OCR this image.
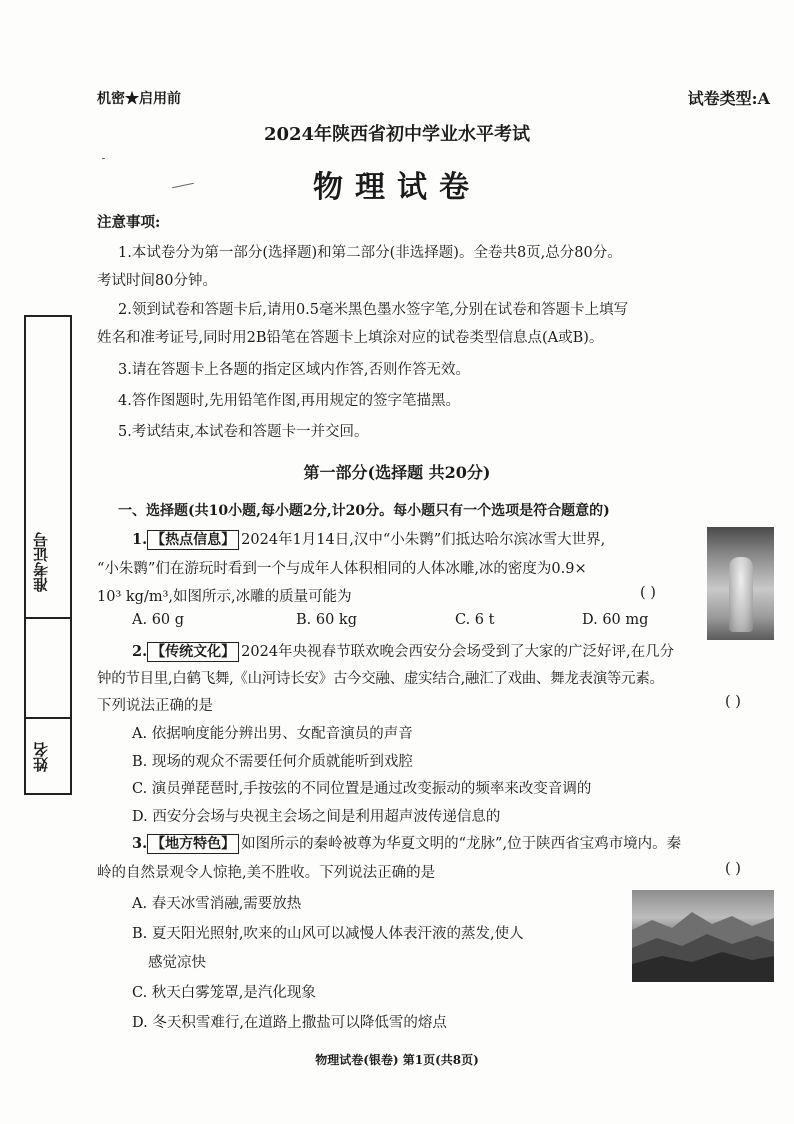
机密★启用前	试卷类型:A
2024年陕西省初中学业水平考试
物理试卷
注意事项:
1.本试卷分为第一部分(选择题)和第二部分(非选择题)。全卷共8页,总分80分。
考试时间80分钟。
2.领到试卷和答题卡后,请用0.5毫米黑色墨水签字笔,分别在试卷和答题卡上填写
姓名和准考证号,同时用2B铅笔在答题卡上填涂对应的试卷类型信息点(A或B)。
3.请在答题卡上各题的指定区域内作答,否则作答无效。
4.答作图题时,先用铅笔作图,再用规定的签字笔描黑。
5.考试结束,本试卷和答题卡一并交回。
准考证号
姓名
第一部分(选择题 共20分)
一、选择题(共10小题,每小题2分,计20分。每小题只有一个选项是符合题意的)
1. 【热点信息】 2024年1月14日,汉中“小朱鹮”们抵达哈尔滨冰雪大世界,
“小朱鹮”们在游玩时看到一个与成年人体积相同的人体冰雕,冰的密度为0.9×
10³ kg/m³,如图所示,冰雕的质量可能为	( )
A. 60 g	B. 60 kg	C. 6 t	D. 60 mg
2. 【传统文化】 2024年央视春节联欢晚会西安分会场受到了大家的广泛好评,在几分
钟的节目里,白鹤飞舞,《山河诗长安》古今交融、虚实结合,融汇了戏曲、舞龙表演等元素。
下列说法正确的是	( )
A. 依据响度能分辨出男、女配音演员的声音
B. 现场的观众不需要任何介质就能听到戏腔
C. 演员弹琵琶时,手按弦的不同位置是通过改变振动的频率来改变音调的
D. 西安分会场与央视主会场之间是利用超声波传递信息的
3. 【地方特色】 如图所示的秦岭被尊为华夏文明的“龙脉”,位于陕西省宝鸡市境内。秦
岭的自然景观令人惊艳,美不胜收。下列说法正确的是	( )
A. 春天冰雪消融,需要放热
B. 夏天阳光照射,吹来的山风可以减慢人体表汗液的蒸发,使人
感觉凉快
C. 秋天白雾笼罩,是汽化现象
D. 冬天积雪难行,在道路上撒盐可以降低雪的熔点
物理试卷(银卷) 第1页(共8页)
